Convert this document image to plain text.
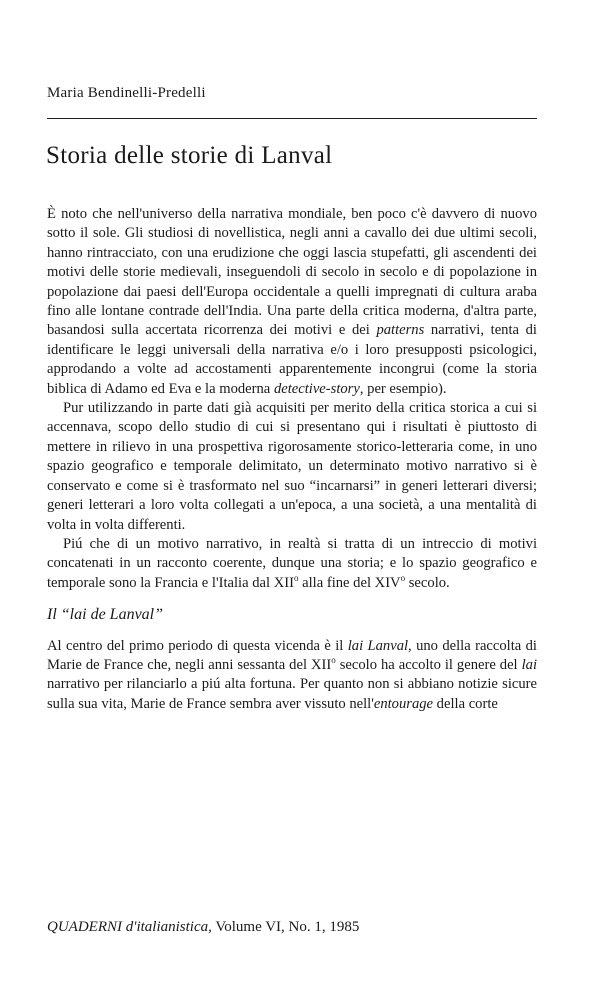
Maria Bendinelli-Predelli
Storia delle storie di Lanval

È noto che nell'universo della narrativa mondiale, ben poco c'è davvero di nuovo sotto il sole. Gli studiosi di novellistica, negli anni a cavallo dei due ultimi secoli, hanno rintracciato, con una erudizione che oggi lascia stupefatti, gli ascendenti dei motivi delle storie medievali, inseguendoli di secolo in secolo e di popolazione in popolazione dai paesi dell'Europa occidentale a quelli impregnati di cultura araba fino alle lontane contrade dell'India. Una parte della critica moderna, d'altra parte, basandosi sulla accertata ricorrenza dei motivi e dei patterns narrativi, tenta di identificare le leggi universali della narrativa e/o i loro presupposti psicologici, approdando a volte ad accostamenti apparentemente incongrui (come la storia biblica di Adamo ed Eva e la moderna detective-story, per esempio).

Pur utilizzando in parte dati già acquisiti per merito della critica storica a cui si accennava, scopo dello studio di cui si presentano qui i risultati è piuttosto di mettere in rilievo in una prospettiva rigorosamente storico-letteraria come, in uno spazio geografico e temporale delimitato, un determinato motivo narrativo si è conservato e come si è trasformato nel suo “incarnarsi” in generi letterari diversi; generi letterari a loro volta collegati a un'epoca, a una società, a una mentalità di volta in volta differenti.

Piú che di un motivo narrativo, in realtà si tratta di un intreccio di motivi concatenati in un racconto coerente, dunque una storia; e lo spazio geografico e temporale sono la Francia e l'Italia dal XII$^o$ alla fine del XIV$^o$ secolo.

Il “lai de Lanval”

Al centro del primo periodo di questa vicenda è il lai Lanval, uno della raccolta di Marie de France che, negli anni sessanta del XII$^o$ secolo ha accolto il genere del lai narrativo per rilanciarlo a piú alta fortuna. Per quanto non si abbiano notizie sicure sulla sua vita, Marie de France sembra aver vissuto nell'entourage della corte

QUADERNI d'italianistica, Volume VI, No. 1, 1985
